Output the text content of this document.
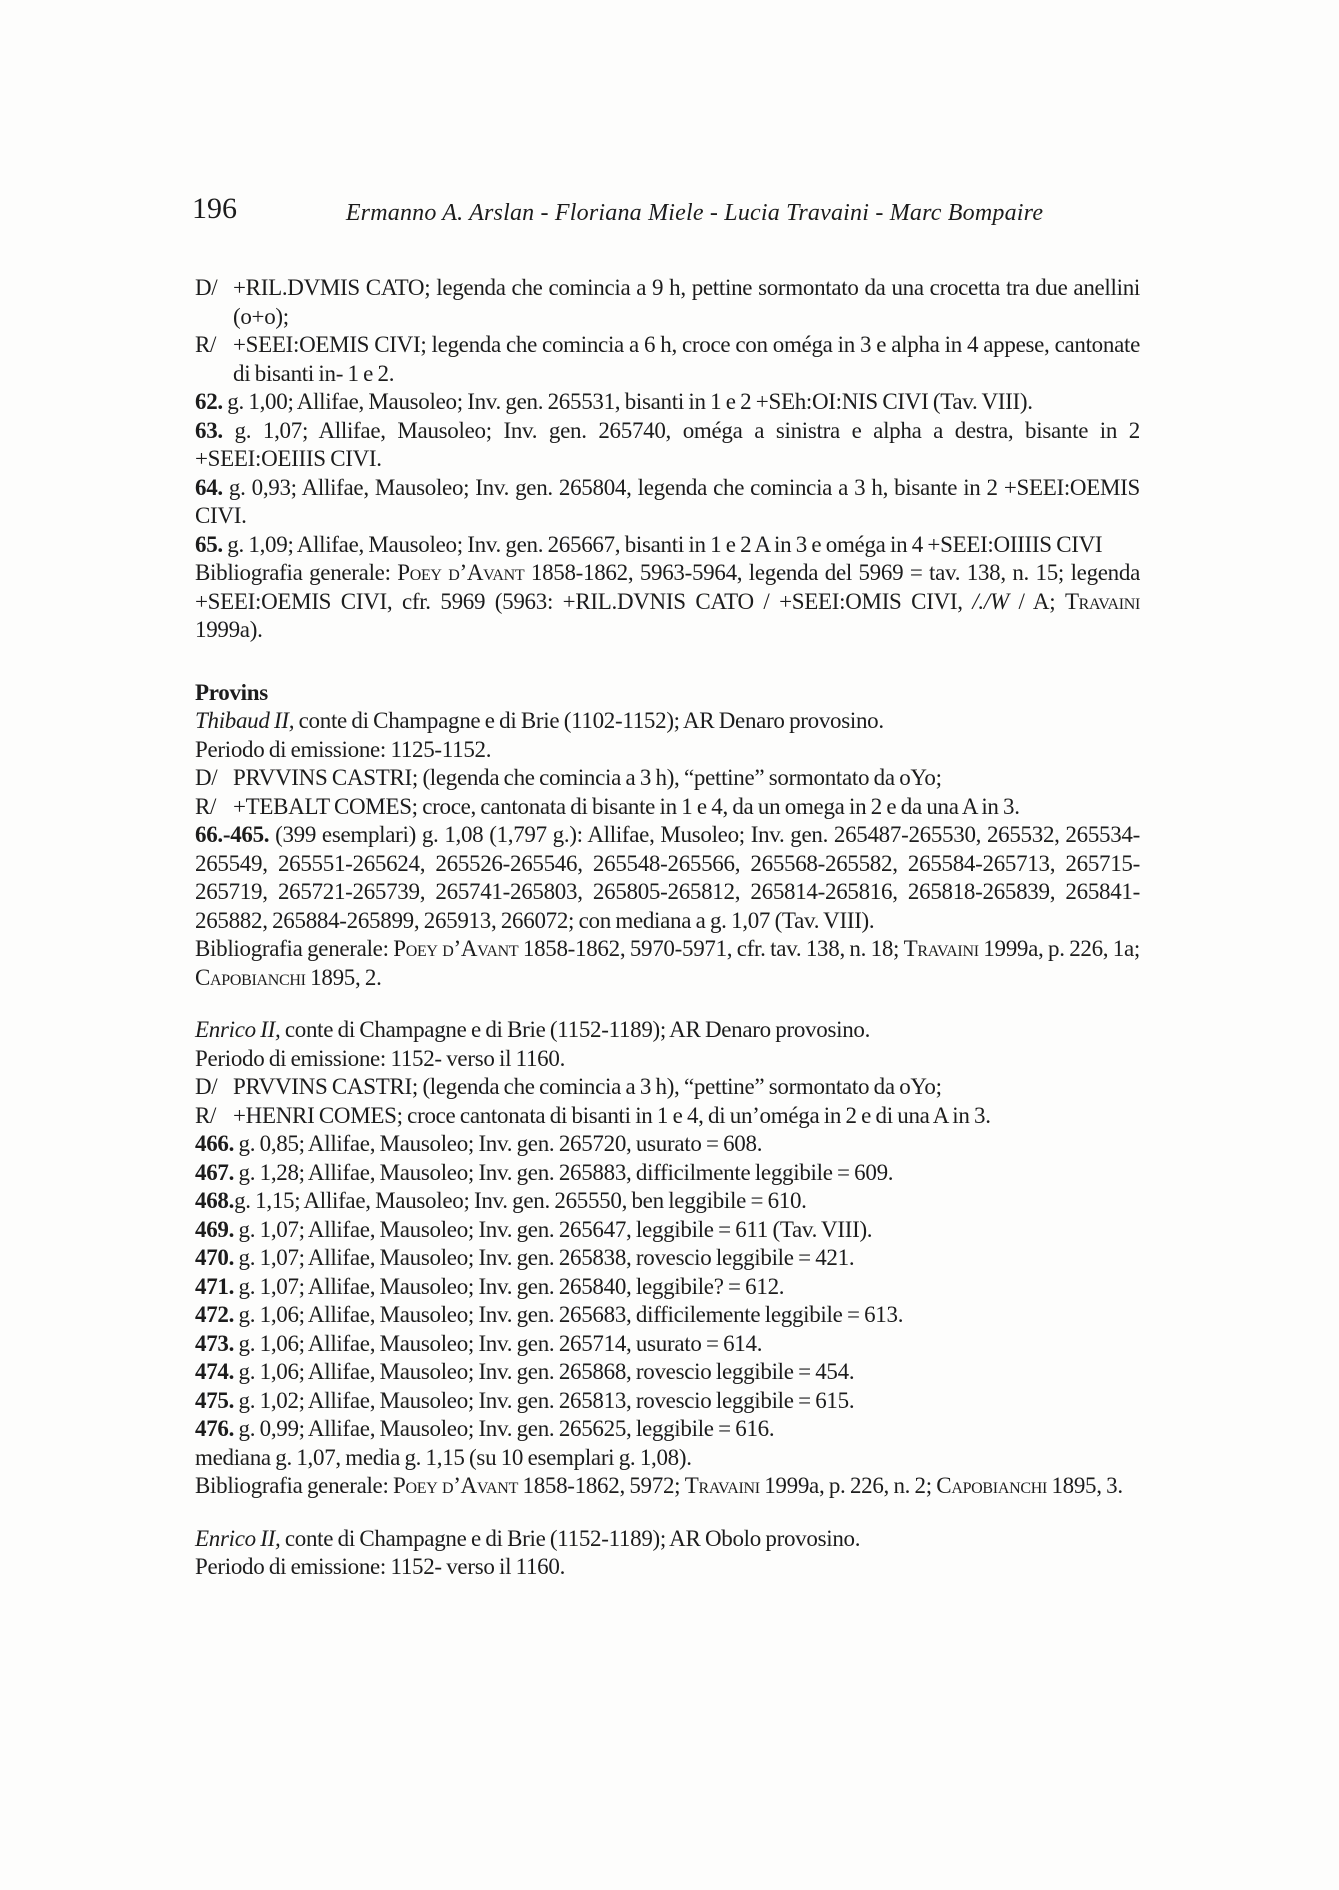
196	Ermanno A. Arslan - Floriana Miele - Lucia Travaini - Marc Bompaire

D/ +RIL.DVMIS CATO; legenda che comincia a 9 h, pettine sormontato da una crocetta tra due anellini (o+o);

R/ +SEEI:OEMIS CIVI; legenda che comincia a 6 h, croce con oméga in 3 e alpha in 4 appese, cantonate di bisanti in- 1 e 2.

62. g. 1,00; Allifae, Mausoleo; Inv. gen. 265531, bisanti in 1 e 2 +SEh:OI:NIS CIVI (Tav. VIII).

63. g. 1,07; Allifae, Mausoleo; Inv. gen. 265740, oméga a sinistra e alpha a destra, bisante in 2 +SEEI:OEIIIS CIVI.

64. g. 0,93; Allifae, Mausoleo; Inv. gen. 265804, legenda che comincia a 3 h, bisante in 2 +SEEI:OEMIS CIVI.

65. g. 1,09; Allifae, Mausoleo; Inv. gen. 265667, bisanti in 1 e 2 A in 3 e oméga in 4 +SEEI:OIIIIS CIVI

Bibliografia generale: Poey d’Avant 1858-1862, 5963-5964, legenda del 5969 = tav. 138, n. 15; legenda +SEEI:OEMIS CIVI, cfr. 5969 (5963: +RIL.DVNIS CATO / +SEEI:OMIS CIVI, /./W / A; Travaini 1999a).

Provins

Thibaud II, conte di Champagne e di Brie (1102-1152); AR Denaro provosino.

Periodo di emissione: 1125-1152.

D/ PRVVINS CASTRI; (legenda che comincia a 3 h), “pettine” sormontato da oYo;

R/ +TEBALT COMES; croce, cantonata di bisante in 1 e 4, da un omega in 2 e da una A in 3.

66.-465. (399 esemplari) g. 1,08 (1,797 g.): Allifae, Musoleo; Inv. gen. 265487-265530, 265532, 265534-265549, 265551-265624, 265526-265546, 265548-265566, 265568-265582, 265584-265713, 265715-265719, 265721-265739, 265741-265803, 265805-265812, 265814-265816, 265818-265839, 265841-265882, 265884-265899, 265913, 266072; con mediana a g. 1,07 (Tav. VIII).

Bibliografia generale: Poey d’Avant 1858-1862, 5970-5971, cfr. tav. 138, n. 18; Travaini 1999a, p. 226, 1a; Capobianchi 1895, 2.

Enrico II, conte di Champagne e di Brie (1152-1189); AR Denaro provosino.

Periodo di emissione: 1152- verso il 1160.

D/ PRVVINS CASTRI; (legenda che comincia a 3 h), “pettine” sormontato da oYo;

R/ +HENRI COMES; croce cantonata di bisanti in 1 e 4, di un’oméga in 2 e di una A in 3.

466. g. 0,85; Allifae, Mausoleo; Inv. gen. 265720, usurato = 608.

467. g. 1,28; Allifae, Mausoleo; Inv. gen. 265883, difficilmente leggibile = 609.

468.g. 1,15; Allifae, Mausoleo; Inv. gen. 265550, ben leggibile = 610.

469. g. 1,07; Allifae, Mausoleo; Inv. gen. 265647, leggibile = 611 (Tav. VIII).

470. g. 1,07; Allifae, Mausoleo; Inv. gen. 265838, rovescio leggibile = 421.

471. g. 1,07; Allifae, Mausoleo; Inv. gen. 265840, leggibile? = 612.

472. g. 1,06; Allifae, Mausoleo; Inv. gen. 265683, difficilemente leggibile = 613.

473. g. 1,06; Allifae, Mausoleo; Inv. gen. 265714, usurato = 614.

474. g. 1,06; Allifae, Mausoleo; Inv. gen. 265868, rovescio leggibile = 454.

475. g. 1,02; Allifae, Mausoleo; Inv. gen. 265813, rovescio leggibile = 615.

476. g. 0,99; Allifae, Mausoleo; Inv. gen. 265625, leggibile = 616.

mediana g. 1,07, media g. 1,15 (su 10 esemplari g. 1,08).

Bibliografia generale: Poey d’Avant 1858-1862, 5972; Travaini 1999a, p. 226, n. 2; Capobianchi 1895, 3.

Enrico II, conte di Champagne e di Brie (1152-1189); AR Obolo provosino.

Periodo di emissione: 1152- verso il 1160.
